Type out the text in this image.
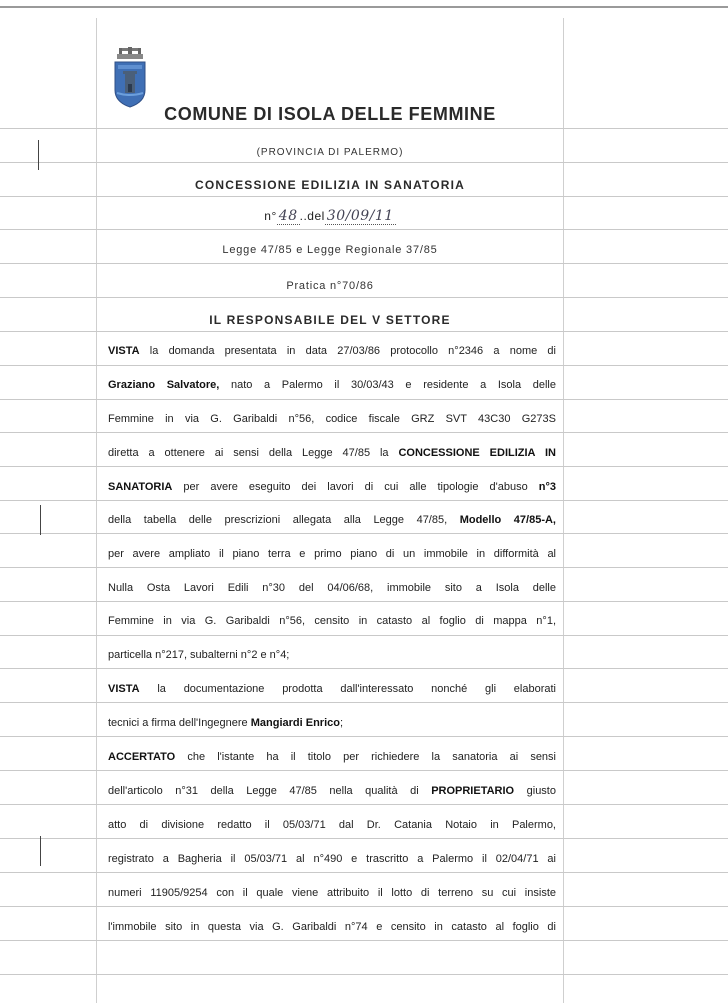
COMUNE DI ISOLA DELLE FEMMINE
(PROVINCIA DI PALERMO)
CONCESSIONE EDILIZIA IN SANATORIA
n° 48 ..del 30/09/11
Legge 47/85 e Legge Regionale 37/85
Pratica n°70/86
IL RESPONSABILE DEL V SETTORE
VISTA la domanda presentata in data 27/03/86 protocollo n°2346 a nome di
Graziano Salvatore, nato a Palermo il 30/03/43 e residente a Isola delle
Femmine in via G. Garibaldi n°56, codice fiscale GRZ SVT 43C30 G273S
diretta a ottenere ai sensi della Legge 47/85 la CONCESSIONE EDILIZIA IN
SANATORIA per avere eseguito dei lavori di cui alle tipologie d'abuso n°3
della tabella delle prescrizioni allegata alla Legge 47/85, Modello 47/85-A,
per avere ampliato il piano terra e primo piano di un immobile in difformità al
Nulla Osta Lavori Edili n°30 del 04/06/68, immobile sito a Isola delle
Femmine in via G. Garibaldi n°56, censito in catasto al foglio di mappa n°1,
particella n°217, subalterni n°2 e n°4;
VISTA la documentazione prodotta dall'interessato nonché gli elaborati
tecnici a firma dell'Ingegnere Mangiardi Enrico;
ACCERTATO che l'istante ha il titolo per richiedere la sanatoria ai sensi
dell'articolo n°31 della Legge 47/85 nella qualità di PROPRIETARIO giusto
atto di divisione redatto il 05/03/71 dal Dr. Catania Notaio in Palermo,
registrato a Bagheria il 05/03/71 al n°490 e trascritto a Palermo il 02/04/71 ai
numeri 11905/9254 con il quale viene attribuito il lotto di terreno su cui insiste
l'immobile sito in questa via G. Garibaldi n°74 e censito in catasto al foglio di
